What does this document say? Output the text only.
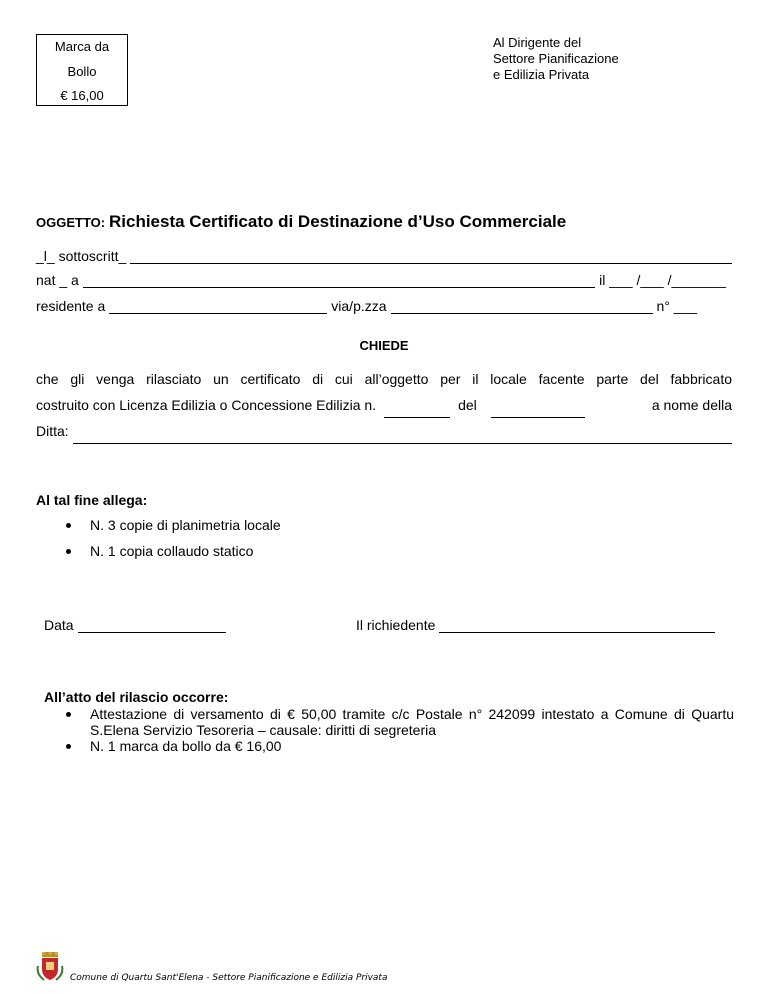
Marca da
Bollo
€ 16,00
Al Dirigente del
Settore Pianificazione
e Edilizia Privata
OGGETTO: Richiesta Certificato di Destinazione d’Uso Commerciale
_l_ sottoscritt_
nat _ a	il ___ /___ /_______
residente a	via/p.zza	n° ___
CHIEDE
che gli venga rilasciato un certificato di cui all’oggetto per il locale facente parte del fabbricato
costruito con Licenza Edilizia o Concessione Edilizia n.	del	a nome della
Ditta:
Al tal fine allega:
N. 3 copie di planimetria locale
N. 1 copia collaudo statico
Data	Il richiedente
All’atto del rilascio occorre:
Attestazione di versamento di € 50,00 tramite c/c Postale n° 242099 intestato a Comune di Quartu S.Elena Servizio Tesoreria – causale: diritti di segreteria
N. 1 marca da bollo da € 16,00
Comune di Quartu Sant'Elena - Settore Pianificazione e Edilizia Privata
